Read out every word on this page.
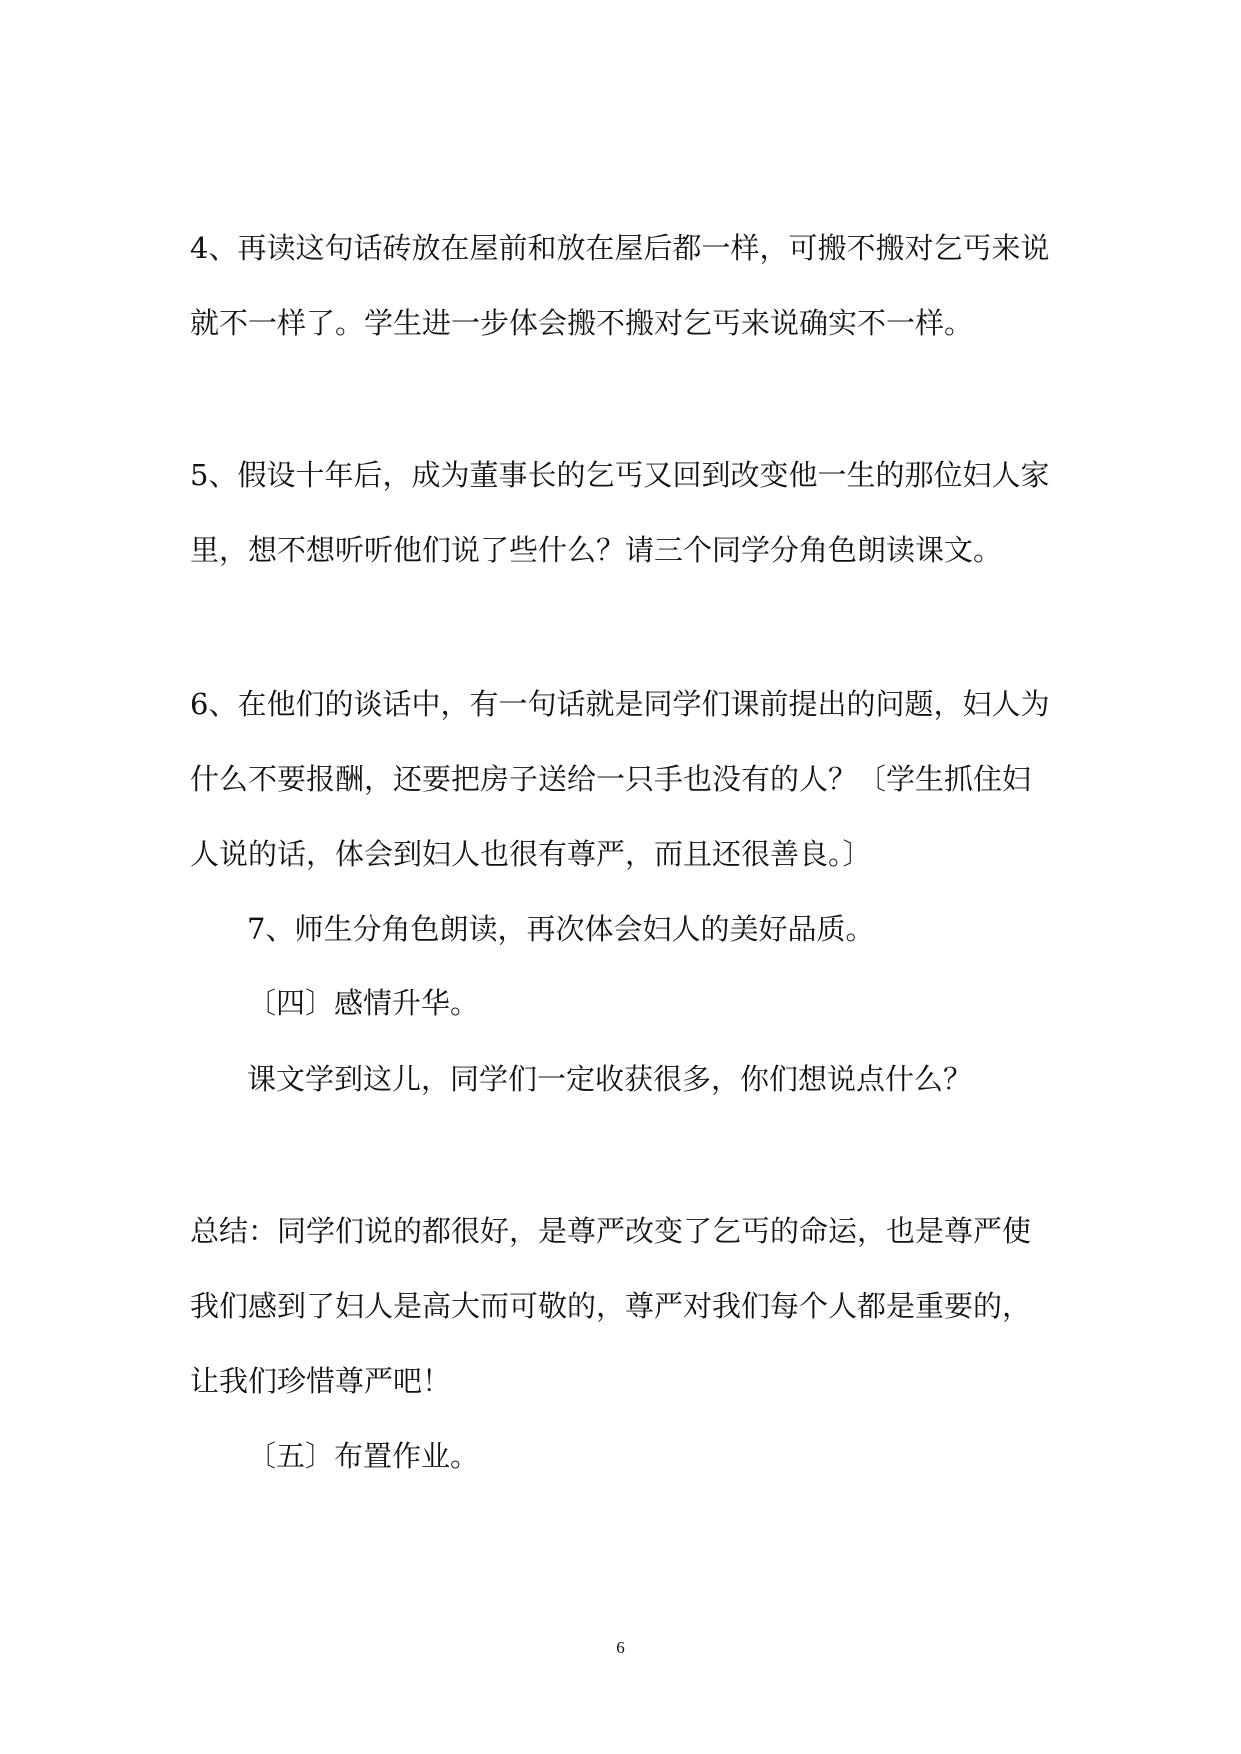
4、再读这句话砖放在屋前和放在屋后都一样，可搬不搬对乞丐来说
就不一样了。学生进一步体会搬不搬对乞丐来说确实不一样。
5、假设十年后，成为董事长的乞丐又回到改变他一生的那位妇人家
里，想不想听听他们说了些什么？请三个同学分角色朗读课文。
6、在他们的谈话中，有一句话就是同学们课前提出的问题，妇人为
什么不要报酬，还要把房子送给一只手也没有的人？〔学生抓住妇
人说的话，体会到妇人也很有尊严，而且还很善良。〕
7、师生分角色朗读，再次体会妇人的美好品质。
〔四〕感情升华。
课文学到这儿，同学们一定收获很多，你们想说点什么？
总结：同学们说的都很好，是尊严改变了乞丐的命运，也是尊严使
我们感到了妇人是高大而可敬的，尊严对我们每个人都是重要的，
让我们珍惜尊严吧！
〔五〕布置作业。
6
